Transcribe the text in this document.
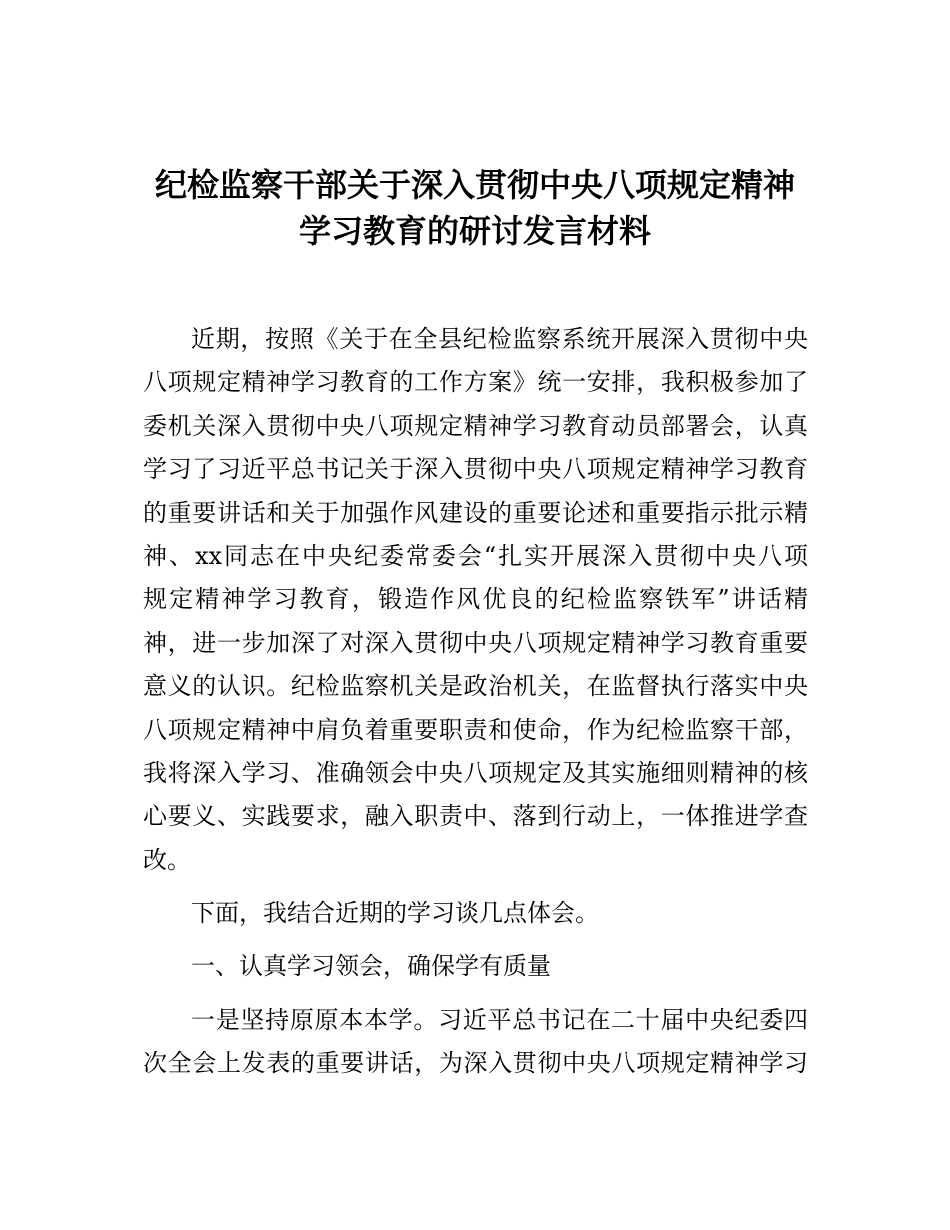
纪检监察干部关于深入贯彻中央八项规定精神
学习教育的研讨发言材料
近期，按照《关于在全县纪检监察系统开展深入贯彻中央
八项规定精神学习教育的工作方案》统一安排，我积极参加了
委机关深入贯彻中央八项规定精神学习教育动员部署会，认真
学习了习近平总书记关于深入贯彻中央八项规定精神学习教育
的重要讲话和关于加强作风建设的重要论述和重要指示批示精
神、xx同志在中央纪委常委会“扎实开展深入贯彻中央八项
规定精神学习教育，锻造作风优良的纪检监察铁军”讲话精
神，进一步加深了对深入贯彻中央八项规定精神学习教育重要
意义的认识。纪检监察机关是政治机关，在监督执行落实中央
八项规定精神中肩负着重要职责和使命，作为纪检监察干部，
我将深入学习、准确领会中央八项规定及其实施细则精神的核
心要义、实践要求，融入职责中、落到行动上，一体推进学查
改。
下面，我结合近期的学习谈几点体会。
一、认真学习领会，确保学有质量
一是坚持原原本本学。习近平总书记在二十届中央纪委四
次全会上发表的重要讲话，为深入贯彻中央八项规定精神学习
